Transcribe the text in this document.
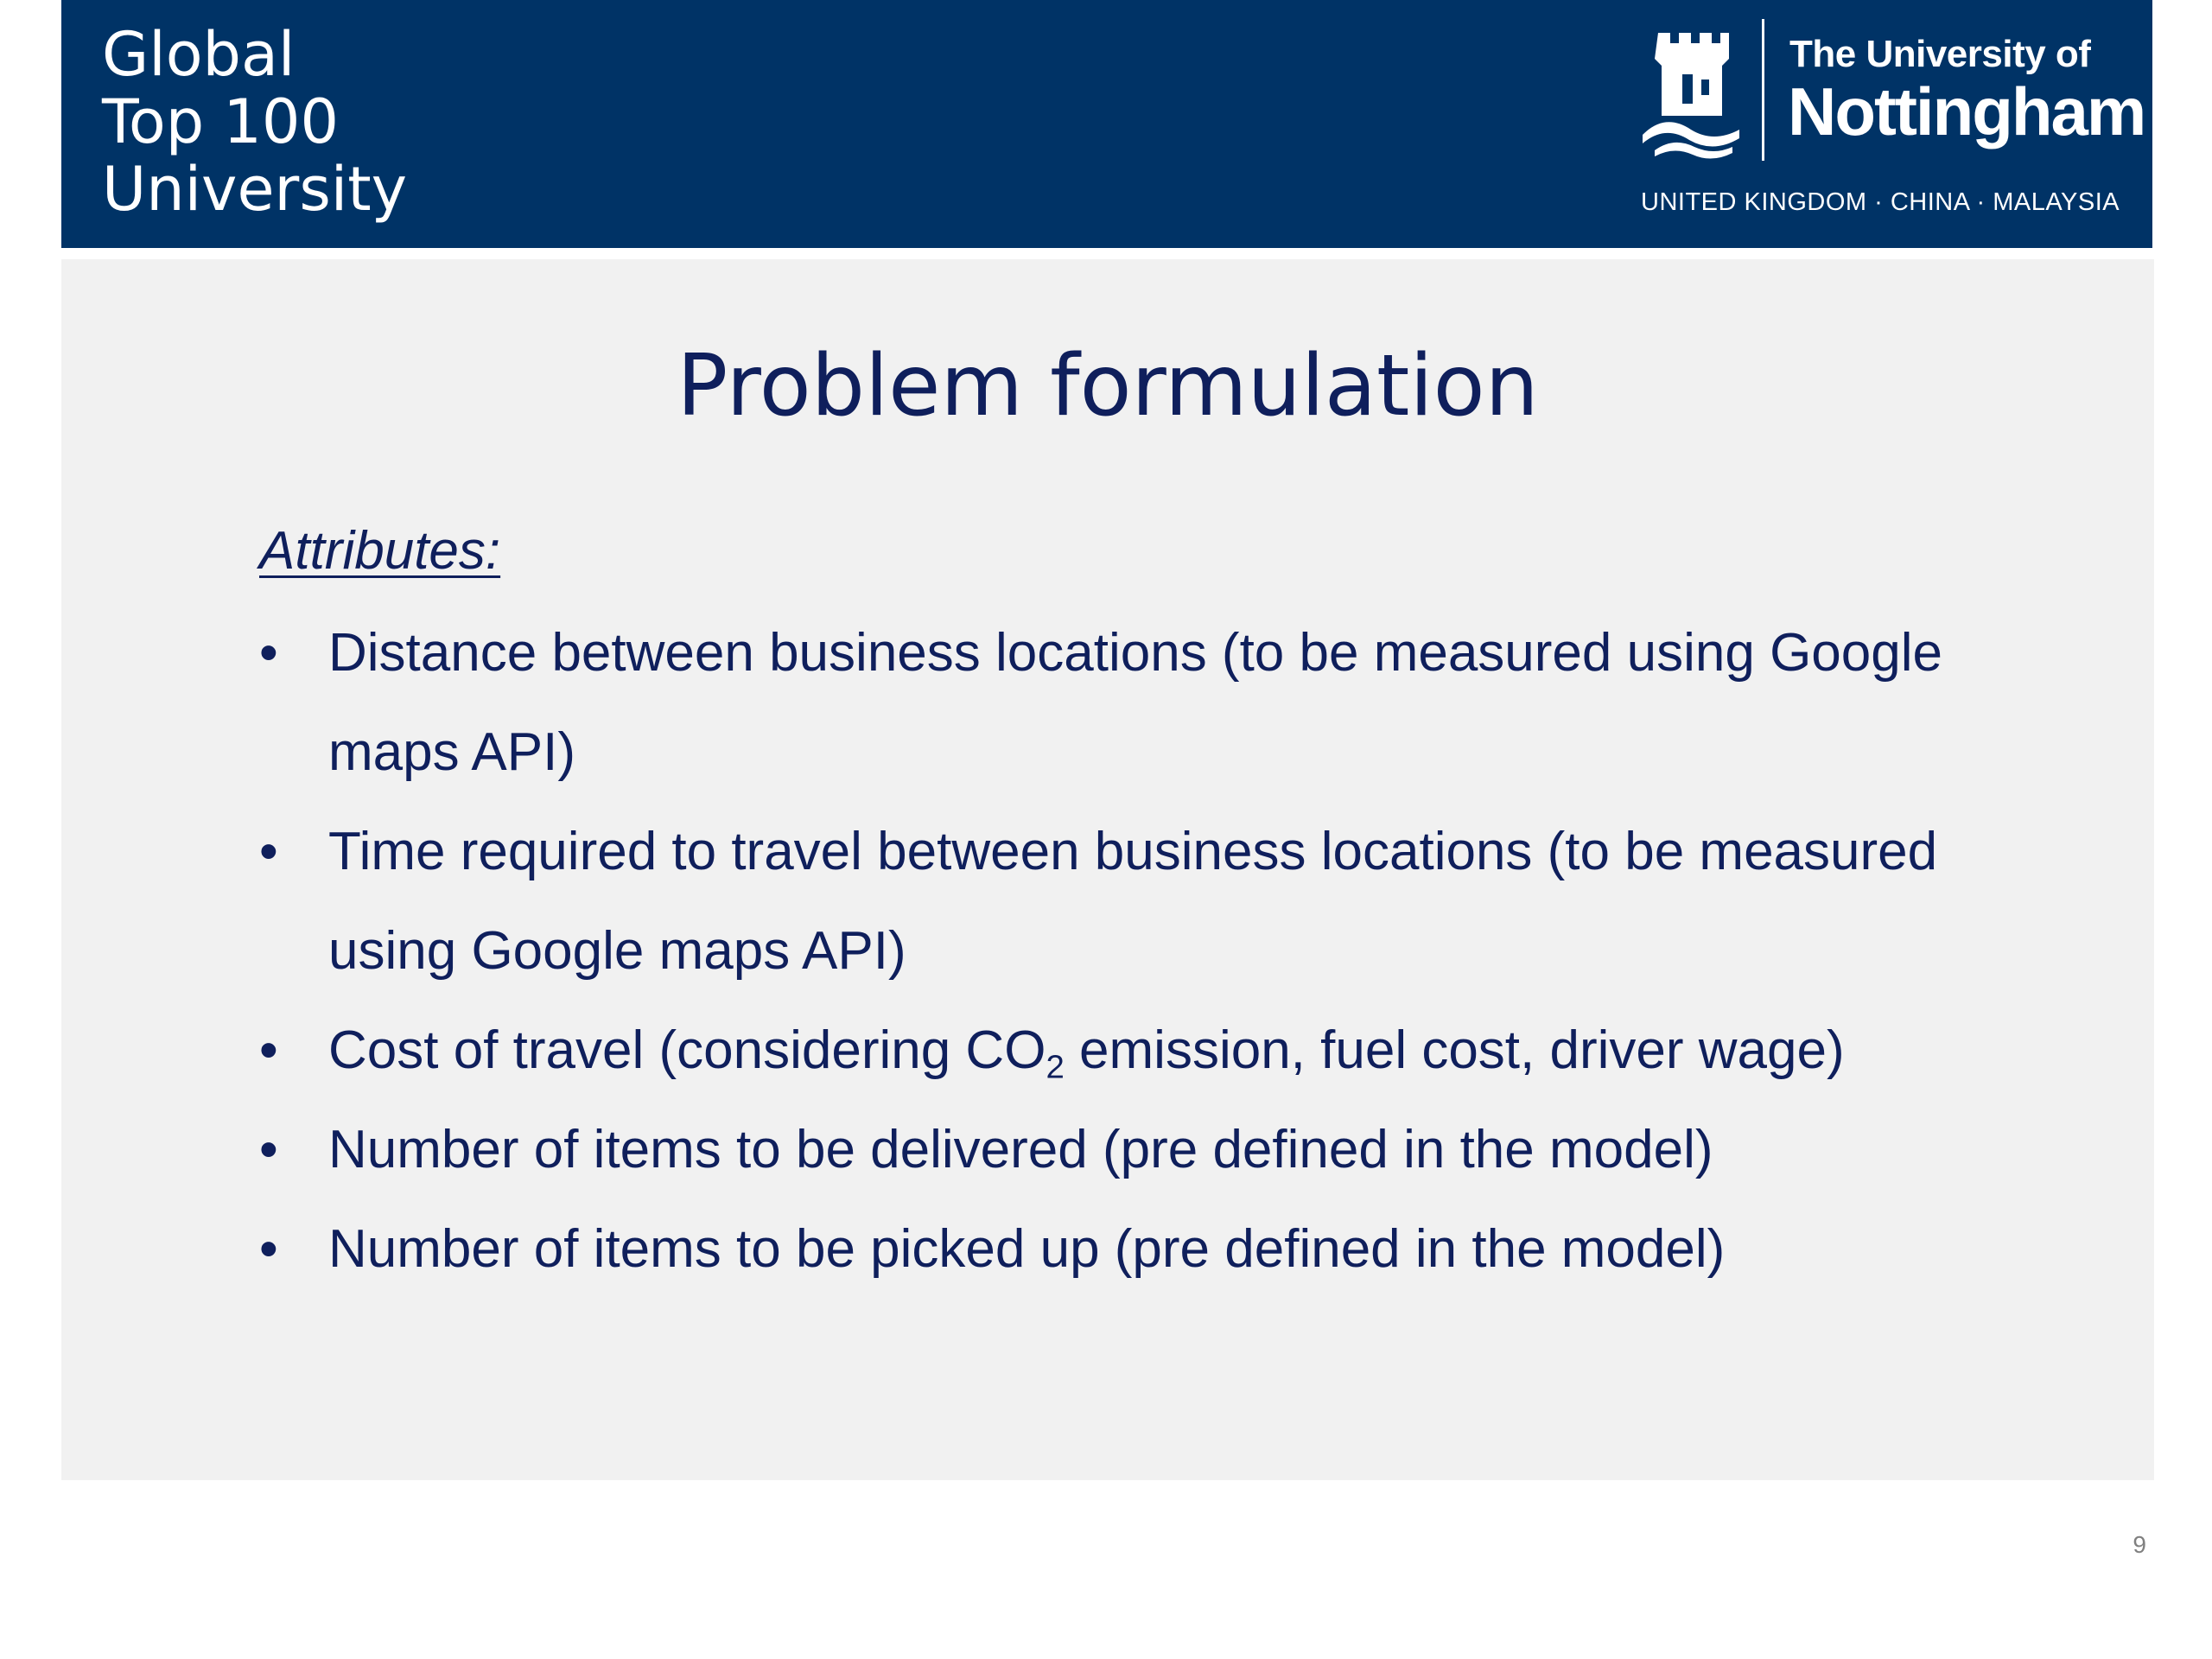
Global
Top 100
University
The University of
Nottingham
UNITED KINGDOM · CHINA · MALAYSIA
Problem formulation
Attributes:
• Distance between business locations (to be measured using Google maps API)
• Time required to travel between business locations (to be measured using Google maps API)
• Cost of travel (considering $CO_2$ emission, fuel cost, driver wage)
• Number of items to be delivered (pre defined in the model)
• Number of items to be picked up (pre defined in the model)
9
